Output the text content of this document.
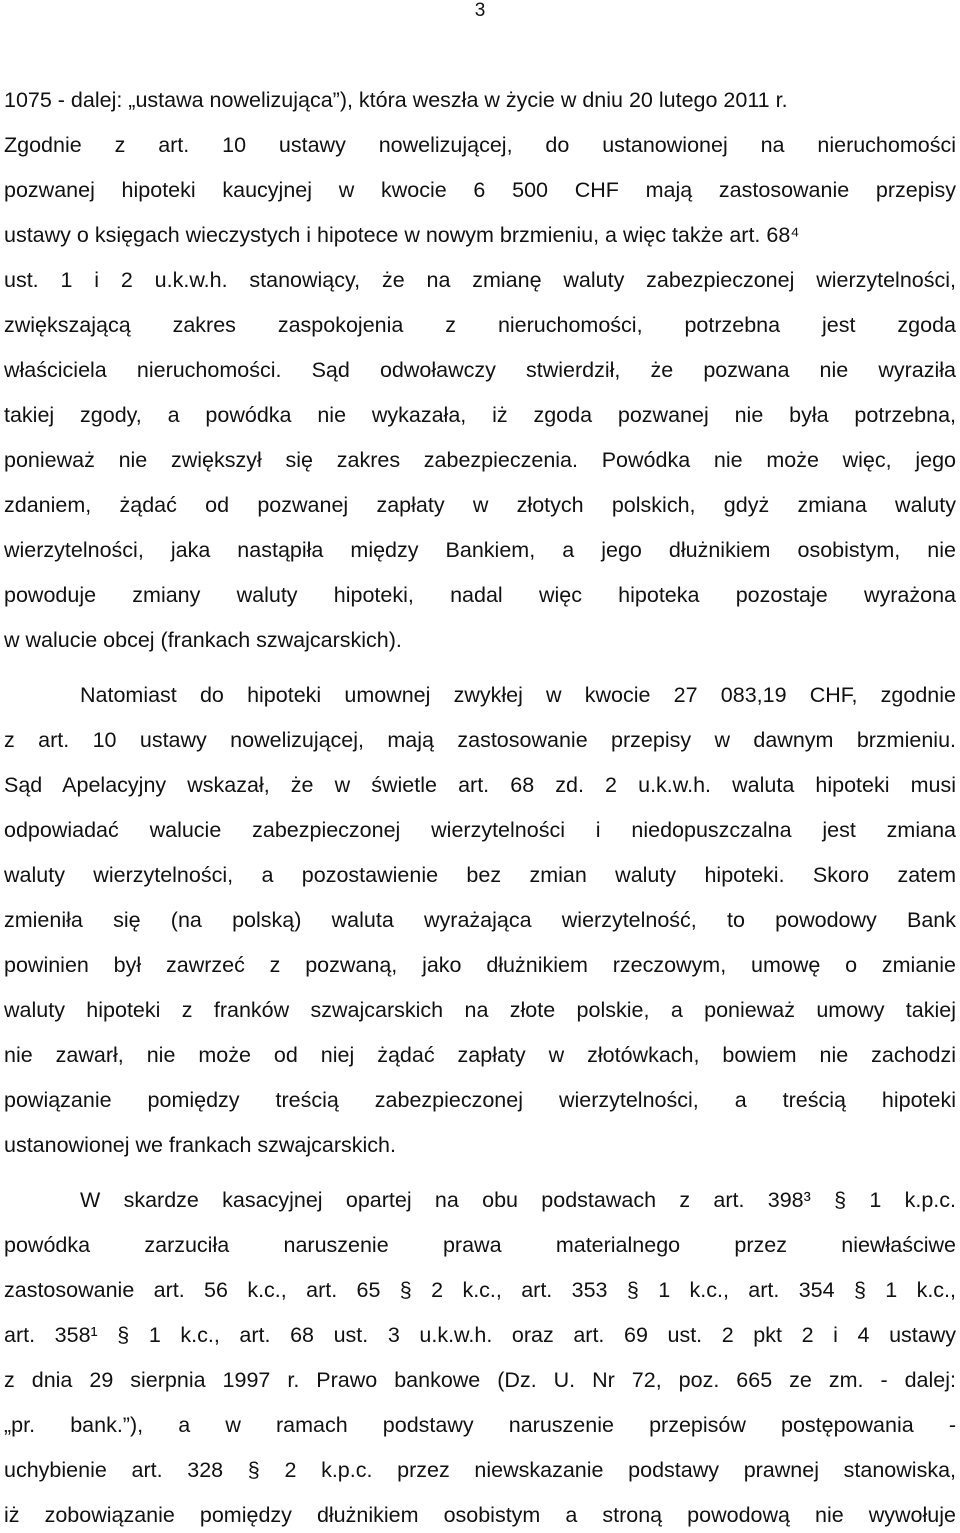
3
1075 - dalej: „ustawa nowelizująca”), która weszła w życie w dniu 20 lutego 2011 r.
Zgodnie z art. 10 ustawy nowelizującej, do ustanowionej na nieruchomości
pozwanej hipoteki kaucyjnej w kwocie 6 500 CHF mają zastosowanie przepisy
ustawy o księgach wieczystych i hipotece w nowym brzmieniu, a więc także art. 68⁴
ust. 1 i 2 u.k.w.h. stanowiący, że na zmianę waluty zabezpieczonej wierzytelności,
zwiększającą zakres zaspokojenia z nieruchomości, potrzebna jest zgoda
właściciela nieruchomości. Sąd odwoławczy stwierdził, że pozwana nie wyraziła
takiej zgody, a powódka nie wykazała, iż zgoda pozwanej nie była potrzebna,
ponieważ nie zwiększył się zakres zabezpieczenia. Powódka nie może więc, jego
zdaniem, żądać od pozwanej zapłaty w złotych polskich, gdyż zmiana waluty
wierzytelności, jaka nastąpiła między Bankiem, a jego dłużnikiem osobistym, nie
powoduje zmiany waluty hipoteki, nadal więc hipoteka pozostaje wyrażona
w walucie obcej (frankach szwajcarskich).
Natomiast do hipoteki umownej zwykłej w kwocie 27 083,19 CHF, zgodnie
z art. 10 ustawy nowelizującej, mają zastosowanie przepisy w dawnym brzmieniu.
Sąd Apelacyjny wskazał, że w świetle art. 68 zd. 2 u.k.w.h. waluta hipoteki musi
odpowiadać walucie zabezpieczonej wierzytelności i niedopuszczalna jest zmiana
waluty wierzytelności, a pozostawienie bez zmian waluty hipoteki. Skoro zatem
zmieniła się (na polską) waluta wyrażająca wierzytelność, to powodowy Bank
powinien był zawrzeć z pozwaną, jako dłużnikiem rzeczowym, umowę o zmianie
waluty hipoteki z franków szwajcarskich na złote polskie, a ponieważ umowy takiej
nie zawarł, nie może od niej żądać zapłaty w złotówkach, bowiem nie zachodzi
powiązanie pomiędzy treścią zabezpieczonej wierzytelności, a treścią hipoteki
ustanowionej we frankach szwajcarskich.
W skardze kasacyjnej opartej na obu podstawach z art. 398³ § 1 k.p.c.
powódka zarzuciła naruszenie prawa materialnego przez niewłaściwe
zastosowanie art. 56 k.c., art. 65 § 2 k.c., art. 353 § 1 k.c., art. 354 § 1 k.c.,
art. 358¹ § 1 k.c., art. 68 ust. 3 u.k.w.h. oraz art. 69 ust. 2 pkt 2 i 4 ustawy
z dnia 29 sierpnia 1997 r. Prawo bankowe (Dz. U. Nr 72, poz. 665 ze zm. - dalej:
„pr. bank.”), a w ramach podstawy naruszenie przepisów postępowania -
uchybienie art. 328 § 2 k.p.c. przez niewskazanie podstawy prawnej stanowiska,
iż zobowiązanie pomiędzy dłużnikiem osobistym a stroną powodową nie wywołuje
